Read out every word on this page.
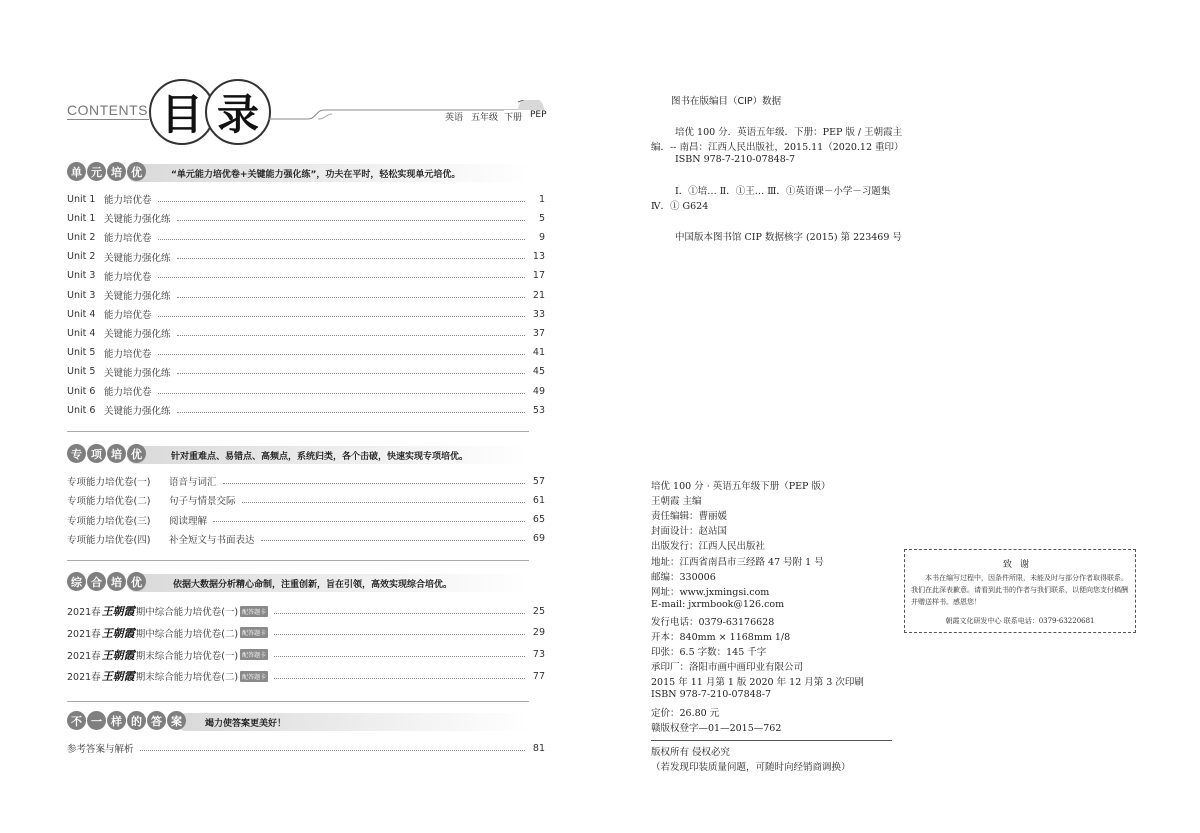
CONTENTS 目 录	英语 五年级 下册 PEP
单 元 培 优	“单元能力培优卷+关键能力强化练”，功夫在平时，轻松实现单元培优。
Unit 1 能力培优卷	1
Unit 1 关键能力强化练	5
Unit 2 能力培优卷	9
Unit 2 关键能力强化练	13
Unit 3 能力培优卷	17
Unit 3 关键能力强化练	21
Unit 4 能力培优卷	33
Unit 4 关键能力强化练	37
Unit 5 能力培优卷	41
Unit 5 关键能力强化练	45
Unit 6 能力培优卷	49
Unit 6 关键能力强化练	53
专 项 培 优	针对重难点、易错点、高频点，系统归类，各个击破，快速实现专项培优。
专项能力培优卷(一)	语音与词汇	57
专项能力培优卷(二)	句子与情景交际	61
专项能力培优卷(三)	阅读理解	65
专项能力培优卷(四)	补全短文与书面表达	69
综 合 培 优	依据大数据分析精心命制，注重创新，旨在引领，高效实现综合培优。
2021春 王朝霞 期中综合能力培优卷(一) 配答题卡	25
2021春 王朝霞 期中综合能力培优卷(二) 配答题卡	29
2021春 王朝霞 期末综合能力培优卷(一) 配答题卡	73
2021春 王朝霞 期末综合能力培优卷(二) 配答题卡	77
不 一 样 的 答 案	竭力使答案更美好！
参考答案与解析	81
图书在版编目（CIP）数据
培优 100 分．英语五年级．下册：PEP 版 / 王朝霞主
编．-- 南昌：江西人民出版社，2015.11（2020.12 重印）
ISBN 978-7-210-07848-7
Ⅰ．①培… Ⅱ．①王… Ⅲ．①英语课－小学－习题集
Ⅳ．① G624
中国版本图书馆 CIP 数据核字 (2015) 第 223469 号
培优 100 分 · 英语五年级下册（PEP 版）
王朝霞 主编
责任编辑：曹丽媛
封面设计：赵站国
出版发行：江西人民出版社
地址：江西省南昌市三经路 47 号附 1 号
邮编：330006
网址：www.jxmingsi.com
E-mail: jxrmbook@126.com
发行电话：0379-63176628
开本：840mm × 1168mm 1/8
印张：6.5 字数：145 千字
承印厂：洛阳市画中画印业有限公司
2015 年 11 月第 1 版 2020 年 12 月第 3 次印刷
ISBN 978-7-210-07848-7
定价：26.80 元
赣版权登字—01—2015—762
版权所有 侵权必究
（若发现印装质量问题，可随时向经销商调换）
致谢
本书在编写过程中，因条件所限，未能及时与部分作者取得联系。我们在此深表歉意。请看到此书的作者与我们联系，以便向您支付稿酬并赠送样书。感恩您！
朝霞文化研发中心 联系电话：0379-63220681
